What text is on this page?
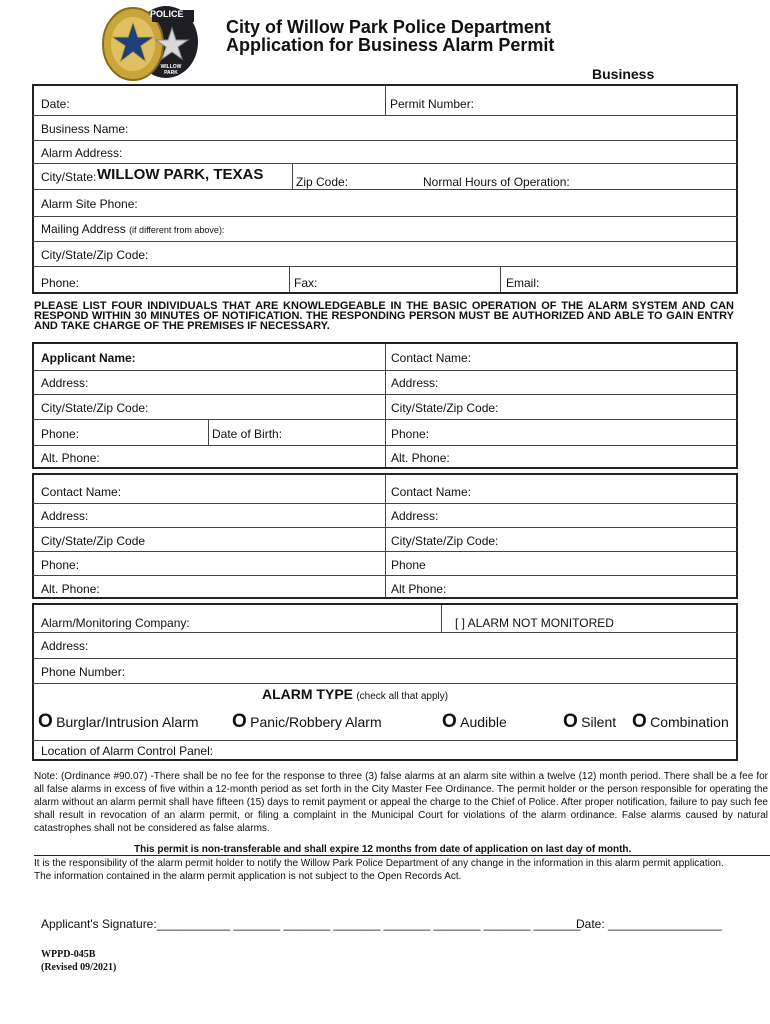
POLICE
WILLOW PARK
City of Willow Park Police Department
Application for Business Alarm Permit
Business
Date:	Permit Number:
Business Name:
Alarm Address:
City/State: WILLOW PARK, TEXAS	Zip Code:	Normal Hours of Operation:
Alarm Site Phone:
Mailing Address (if different from above):
City/State/Zip Code:
Phone:	Fax:	Email:
PLEASE LIST FOUR INDIVIDUALS THAT ARE KNOWLEDGEABLE IN THE BASIC OPERATION OF THE ALARM SYSTEM AND CAN RESPOND WITHIN 30 MINUTES OF NOTIFICATION. THE RESPONDING PERSON MUST BE AUTHORIZED AND ABLE TO GAIN ENTRY AND TAKE CHARGE OF THE PREMISES IF NECESSARY.
Applicant Name:	Contact Name:
Address:	Address:
City/State/Zip Code:	City/State/Zip Code:
Phone:	Date of Birth:	Phone:
Alt. Phone:	Alt. Phone:
Contact Name:	Contact Name:
Address:	Address:
City/State/Zip Code	City/State/Zip Code:
Phone:	Phone
Alt. Phone:	Alt Phone:
Alarm/Monitoring Company:	[ ] ALARM NOT MONITORED
Address:
Phone Number:
ALARM TYPE (check all that apply)
O Burglar/Intrusion Alarm O Panic/Robbery Alarm	O Audible	O Silent O Combination
Location of Alarm Control Panel:
Note: (Ordinance #90.07) -There shall be no fee for the response to three (3) false alarms at an alarm site within a twelve (12) month period. There shall be a fee for all false alarms in excess of five within a 12-month period as set forth in the City Master Fee Ordinance. The permit holder or the person responsible for operating the alarm without an alarm permit shall have fifteen (15) days to remit payment or appeal the charge to the Chief of Police. After proper notification, failure to pay such fee shall result in revocation of an alarm permit, or filing a complaint in the Municipal Court for violations of the alarm ordinance. False alarms caused by natural catastrophes shall not be considered as false alarms.
This permit is non-transferable and shall expire 12 months from date of application on last day of month.
It is the responsibility of the alarm permit holder to notify the Willow Park Police Department of any change in the information in this alarm permit application. The information contained in the alarm permit application is not subject to the Open Records Act.
Applicant's Signature:___________ _______ _______ _______ _______ _______ _______ _______
Date: _________________
WPPD-045B
(Revised 09/2021)
